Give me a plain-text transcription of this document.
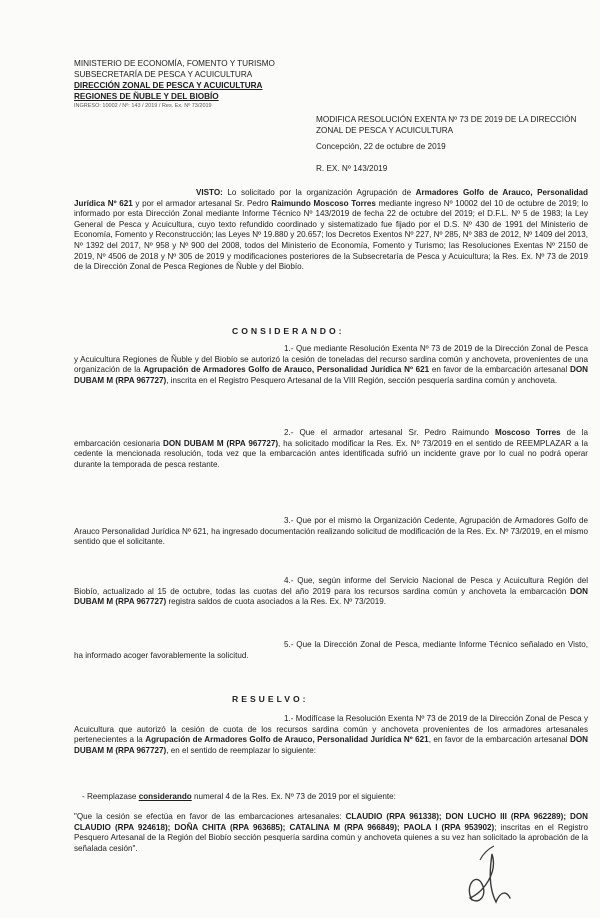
MINISTERIO DE ECONOMÍA, FOMENTO Y TURISMO
SUBSECRETARÍA DE PESCA Y ACUICULTURA
DIRECCIÓN ZONAL DE PESCA Y ACUICULTURA
REGIONES DE ÑUBLE Y DEL BIOBÍO
INGRESO: 10002 / Nº: 143 / 2019 / Res. Ex. Nº 73/2019
MODIFICA RESOLUCIÓN EXENTA Nº 73 DE 2019 DE LA DIRECCIÓN ZONAL DE PESCA Y ACUICULTURA
Concepción, 22 de octubre de 2019
R. EX. Nº 143/2019
VISTO: Lo solicitado por la organización Agrupación de Armadores Golfo de Arauco, Personalidad Jurídica Nº 621 y por el armador artesanal Sr. Pedro Raimundo Moscoso Torres mediante ingreso Nº 10002 del 10 de octubre de 2019; lo informado por esta Dirección Zonal mediante Informe Técnico Nº 143/2019 de fecha 22 de octubre del 2019; el D.F.L. Nº 5 de 1983; la Ley General de Pesca y Acuicultura, cuyo texto refundido coordinado y sistematizado fue fijado por el D.S. Nº 430 de 1991 del Ministerio de Economía, Fomento y Reconstrucción; las Leyes Nº 19.880 y 20.657; los Decretos Exentos Nº 227, Nº 285, Nº 383 de 2012, Nº 1409 del 2013, Nº 1392 del 2017, Nº 958 y Nº 900 del 2008, todos del Ministerio de Economía, Fomento y Turismo; las Resoluciones Exentas Nº 2150 de 2019, Nº 4506 de 2018 y Nº 305 de 2019 y modificaciones posteriores de la Subsecretaría de Pesca y Acuicultura; la Res. Ex. Nº 73 de 2019 de la Dirección Zonal de Pesca Regiones de Ñuble y del Biobío.
CONSIDERANDO:
1.- Que mediante Resolución Exenta Nº 73 de 2019 de la Dirección Zonal de Pesca y Acuicultura Regiones de Ñuble y del Biobío se autorizó la cesión de toneladas del recurso sardina común y anchoveta, provenientes de una organización de la Agrupación de Armadores Golfo de Arauco, Personalidad Jurídica Nº 621 en favor de la embarcación artesanal DON DUBAM M (RPA 967727), inscrita en el Registro Pesquero Artesanal de la VIII Región, sección pesquería sardina común y anchoveta.
2.- Que el armador artesanal Sr. Pedro Raimundo Moscoso Torres de la embarcación cesionaria DON DUBAM M (RPA 967727), ha solicitado modificar la Res. Ex. Nº 73/2019 en el sentido de REEMPLAZAR a la cedente la mencionada resolución, toda vez que la embarcación antes identificada sufrió un incidente grave por lo cual no podrá operar durante la temporada de pesca restante.
3.- Que por el mismo la Organización Cedente, Agrupación de Armadores Golfo de Arauco Personalidad Jurídica Nº 621, ha ingresado documentación realizando solicitud de modificación de la Res. Ex. Nº 73/2019, en el mismo sentido que el solicitante.
4.- Que, según informe del Servicio Nacional de Pesca y Acuicultura Región del Biobío, actualizado al 15 de octubre, todas las cuotas del año 2019 para los recursos sardina común y anchoveta la embarcación DON DUBAM M (RPA 967727) registra saldos de cuota asociados a la Res. Ex. Nº 73/2019.
5.- Que la Dirección Zonal de Pesca, mediante Informe Técnico señalado en Visto, ha informado acoger favorablemente la solicitud.
RESUELVO:
1.- Modifícase la Resolución Exenta Nº 73 de 2019 de la Dirección Zonal de Pesca y Acuicultura que autorizó la cesión de cuota de los recursos sardina común y anchoveta provenientes de los armadores artesanales pertenecientes a la Agrupación de Armadores Golfo de Arauco, Personalidad Jurídica Nº 621, en favor de la embarcación artesanal DON DUBAM M (RPA 967727), en el sentido de reemplazar lo siguiente:
- Reemplazase considerando numeral 4 de la Res. Ex. Nº 73 de 2019 por el siguiente:
"Que la cesión se efectúa en favor de las embarcaciones artesanales: CLAUDIO (RPA 961338); DON LUCHO III (RPA 962289); DON CLAUDIO (RPA 924618); DOÑA CHITA (RPA 963685); CATALINA M (RPA 966849); PAOLA I (RPA 953902); inscritas en el Registro Pesquero Artesanal de la Región del Biobío sección pesquería sardina común y anchoveta quienes a su vez han solicitado la aprobación de la señalada cesión".
